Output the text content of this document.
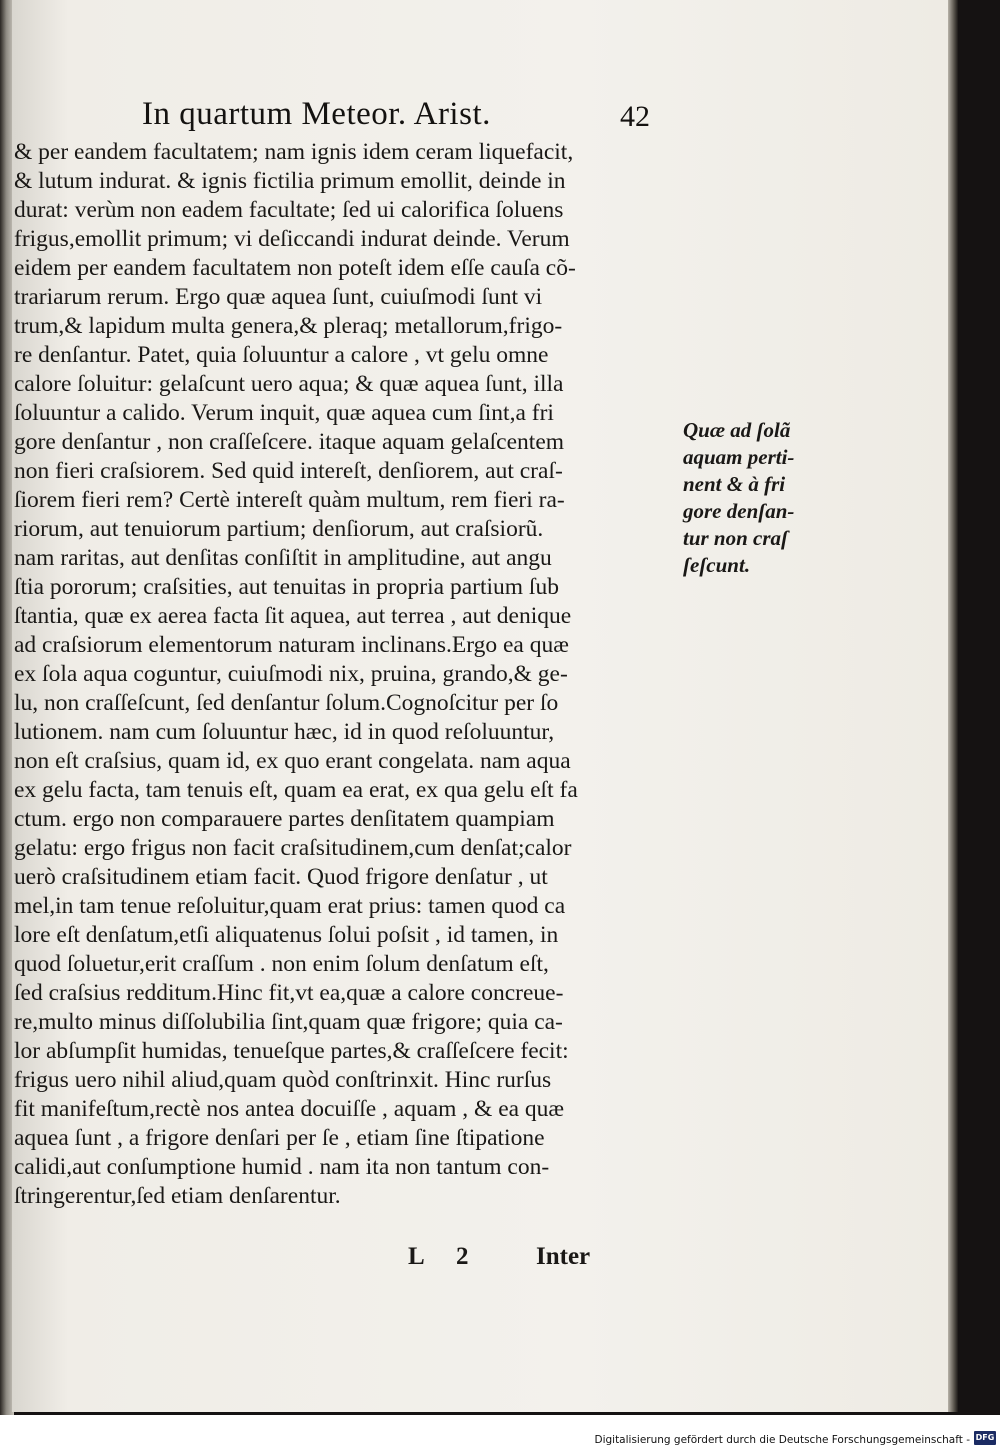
In quartum Meteor. Arist.	42
& per eandem facultatem; nam ignis idem ceram liquefacit,
& lutum indurat. & ignis fictilia primum emollit, deinde in
durat: verùm non eadem facultate; ſed ui calorifica ſoluens
frigus,emollit primum; vi deſiccandi indurat deinde. Verum
eidem per eandem facultatem non poteſt idem eſſe cauſa cõ-
trariarum rerum. Ergo quæ aquea ſunt, cuiuſmodi ſunt vi
trum,& lapidum multa genera,& pleraq; metallorum,frigo-
re denſantur. Patet, quia ſoluuntur a calore , vt gelu omne
calore ſoluitur: gelaſcunt uero aqua; & quæ aquea ſunt, illa
ſoluuntur a calido. Verum inquit, quæ aquea cum ſint,a fri
gore denſantur , non craſſeſcere. itaque aquam gelaſcentem
non fieri craſsiorem. Sed quid intereſt, denſiorem, aut craſ-
ſiorem fieri rem? Certè intereſt quàm multum, rem fieri ra-
riorum, aut tenuiorum partium; denſiorum, aut craſsiorũ.
nam raritas, aut denſitas conſiſtit in amplitudine, aut angu
ſtia pororum; craſsities, aut tenuitas in propria partium ſub
ſtantia, quæ ex aerea facta ſit aquea, aut terrea , aut denique
ad craſsiorum elementorum naturam inclinans.Ergo ea quæ
ex ſola aqua coguntur, cuiuſmodi nix, pruina, grando,& ge-
lu, non craſſeſcunt, ſed denſantur ſolum.Cognoſcitur per ſo
lutionem. nam cum ſoluuntur hæc, id in quod reſoluuntur,
non eſt craſsius, quam id, ex quo erant congelata. nam aqua
ex gelu facta, tam tenuis eſt, quam ea erat, ex qua gelu eſt fa
ctum. ergo non comparauere partes denſitatem quampiam
gelatu: ergo frigus non facit craſsitudinem,cum denſat;calor
uerò craſsitudinem etiam facit. Quod frigore denſatur , ut
mel,in tam tenue reſoluitur,quam erat prius: tamen quod ca
lore eſt denſatum,etſi aliquatenus ſolui poſsit , id tamen, in
quod ſoluetur,erit craſſum . non enim ſolum denſatum eſt,
ſed craſsius redditum.Hinc fit,vt ea,quæ a calore concreue-
re,multo minus diſſolubilia ſint,quam quæ frigore; quia ca-
lor abſumpſit humidas, tenueſque partes,& craſſeſcere fecit:
frigus uero nihil aliud,quam quòd conſtrinxit. Hinc rurſus
fit manifeſtum,rectè nos antea docuiſſe , aquam , & ea quæ
aquea ſunt , a frigore denſari per ſe , etiam ſine ſtipatione
calidi,aut conſumptione humid . nam ita non tantum con-
ſtringerentur,ſed etiam denſarentur.
Quæ ad ſolã
aquam perti-
nent & à fri
gore denſan-
tur non craſ
ſeſcunt.
L 2	Inter
Digitalisierung gefördert durch die Deutsche Forschungsgemeinschaft - DFG
